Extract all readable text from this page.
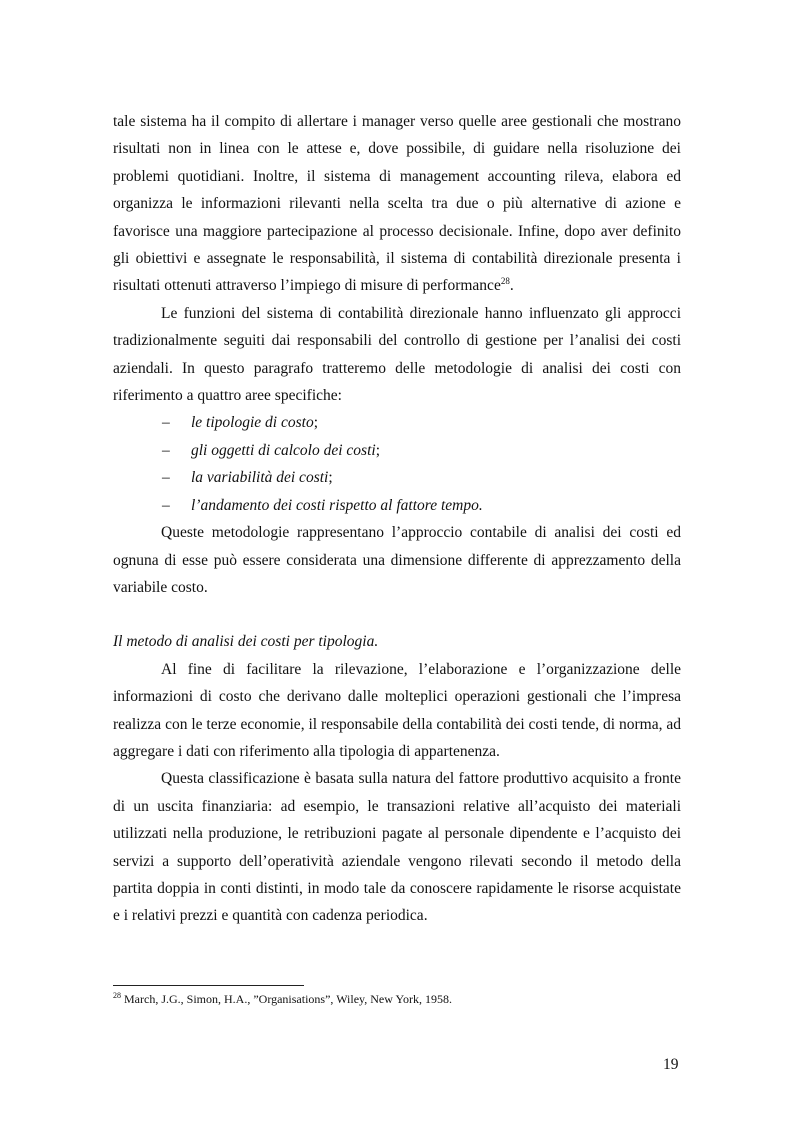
tale sistema ha il compito di allertare i manager verso quelle aree gestionali che mostrano risultati non in linea con le attese e, dove possibile, di guidare nella risoluzione dei problemi quotidiani. Inoltre, il sistema di management accounting rileva, elabora ed organizza le informazioni rilevanti nella scelta tra due o più alternative di azione e favorisce una maggiore partecipazione al processo decisionale. Infine, dopo aver definito gli obiettivi e assegnate le responsabilità, il sistema di contabilità direzionale presenta i risultati ottenuti attraverso l’impiego di misure di performance$^{28}$.

Le funzioni del sistema di contabilità direzionale hanno influenzato gli approcci tradizionalmente seguiti dai responsabili del controllo di gestione per l’analisi dei costi aziendali. In questo paragrafo tratteremo delle metodologie di analisi dei costi con riferimento a quattro aree specifiche:

– le tipologie di costo;
– gli oggetti di calcolo dei costi;
– la variabilità dei costi;
– l’andamento dei costi rispetto al fattore tempo.

Queste metodologie rappresentano l’approccio contabile di analisi dei costi ed ognuna di esse può essere considerata una dimensione differente di apprezzamento della variabile costo.

Il metodo di analisi dei costi per tipologia.

Al fine di facilitare la rilevazione, l’elaborazione e l’organizzazione delle informazioni di costo che derivano dalle molteplici operazioni gestionali che l’impresa realizza con le terze economie, il responsabile della contabilità dei costi tende, di norma, ad aggregare i dati con riferimento alla tipologia di appartenenza.

Questa classificazione è basata sulla natura del fattore produttivo acquisito a fronte di un uscita finanziaria: ad esempio, le transazioni relative all’acquisto dei materiali utilizzati nella produzione, le retribuzioni pagate al personale dipendente e l’acquisto dei servizi a supporto dell’operatività aziendale vengono rilevati secondo il metodo della partita doppia in conti distinti, in modo tale da conoscere rapidamente le risorse acquistate e i relativi prezzi e quantità con cadenza periodica.

$^{28}$ March, J.G., Simon, H.A., ”Organisations”, Wiley, New York, 1958.
19
